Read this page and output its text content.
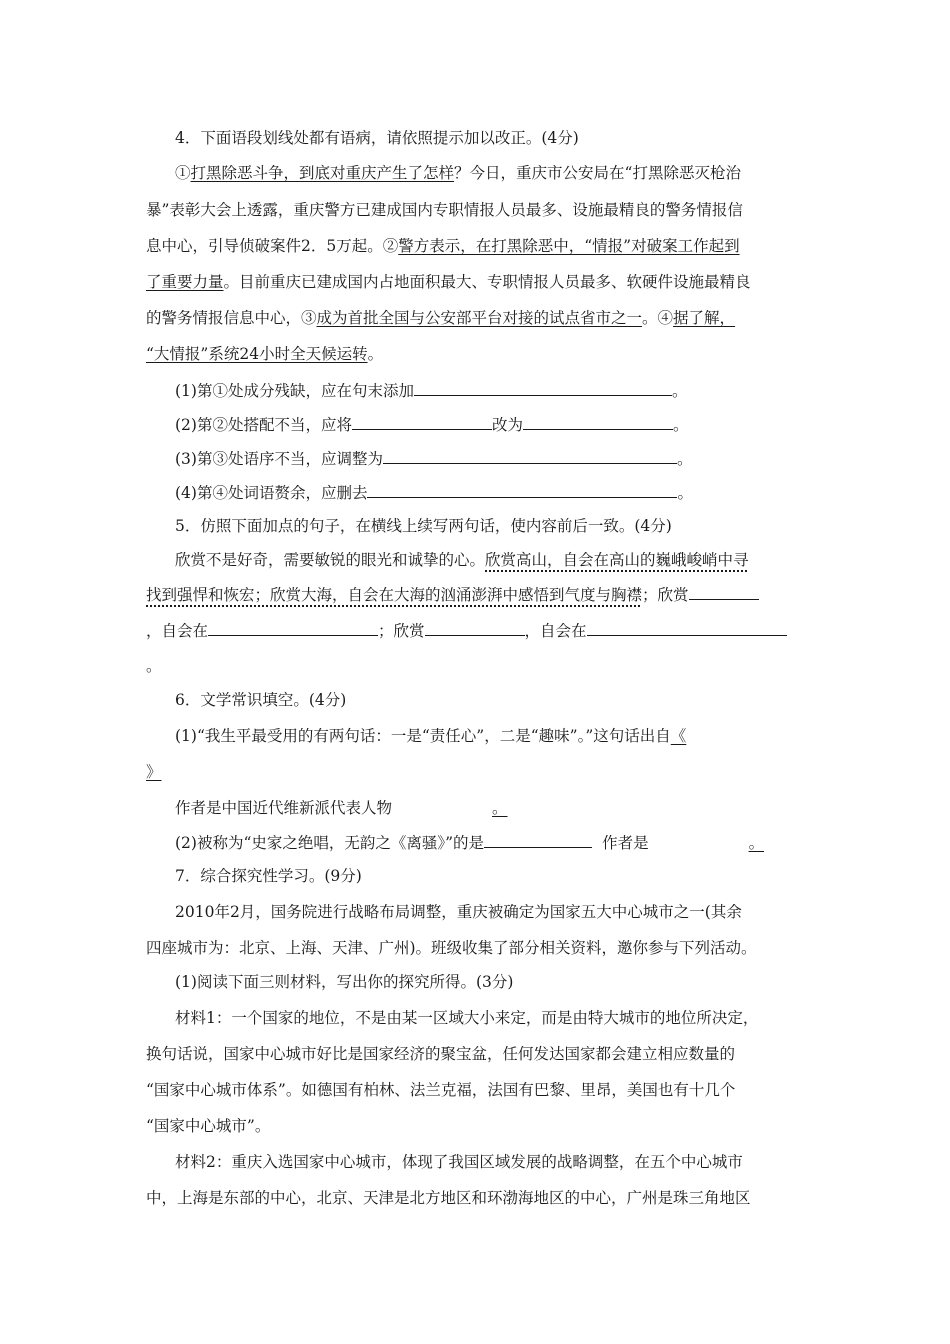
4．下面语段划线处都有语病，请依照提示加以改正。(4分)
①打黑除恶斗争，到底对重庆产生了怎样？今日，重庆市公安局在“打黑除恶灭枪治
暴”表彰大会上透露，重庆警方已建成国内专职情报人员最多、设施最精良的警务情报信
息中心，引导侦破案件2．5万起。②警方表示，在打黑除恶中，“情报”对破案工作起到
了重要力量。目前重庆已建成国内占地面积最大、专职情报人员最多、软硬件设施最精良
的警务情报信息中心，③成为首批全国与公安部平台对接的试点省市之一。④据了解，
“大情报”系统24小时全天候运转。
(1)第①处成分残缺，应在句末添加	。
(2)第②处搭配不当，应将	改为	。
(3)第③处语序不当，应调整为	。
(4)第④处词语赘余，应删去	。
5．仿照下面加点的句子，在横线上续写两句话，使内容前后一致。(4分)
欣赏不是好奇，需要敏锐的眼光和诚挚的心。欣赏高山，自会在高山的巍峨峻峭中寻
找到强悍和恢宏；欣赏大海，自会在大海的汹涌澎湃中感悟到气度与胸襟；欣赏
，自会在	；欣赏	，自会在
。
6．文学常识填空。(4分)
(1)“我生平最受用的有两句话：一是“责任心”，二是“趣味”。”这句话出自《
》
作者是中国近代维新派代表人物	。
(2)被称为“史家之绝唱，无韵之《离骚》”的是	作者是	。
7．综合探究性学习。(9分)
2010年2月，国务院进行战略布局调整，重庆被确定为国家五大中心城市之一(其余
四座城市为：北京、上海、天津、广州)。班级收集了部分相关资料，邀你参与下列活动。
(1)阅读下面三则材料，写出你的探究所得。(3分)
材料1：一个国家的地位，不是由某一区域大小来定，而是由特大城市的地位所决定，
换句话说，国家中心城市好比是国家经济的聚宝盆，任何发达国家都会建立相应数量的
“国家中心城市体系”。如德国有柏林、法兰克福，法国有巴黎、里昂，美国也有十几个
“国家中心城市”。
材料2：重庆入选国家中心城市，体现了我国区域发展的战略调整，在五个中心城市
中，上海是东部的中心，北京、天津是北方地区和环渤海地区的中心，广州是珠三角地区
